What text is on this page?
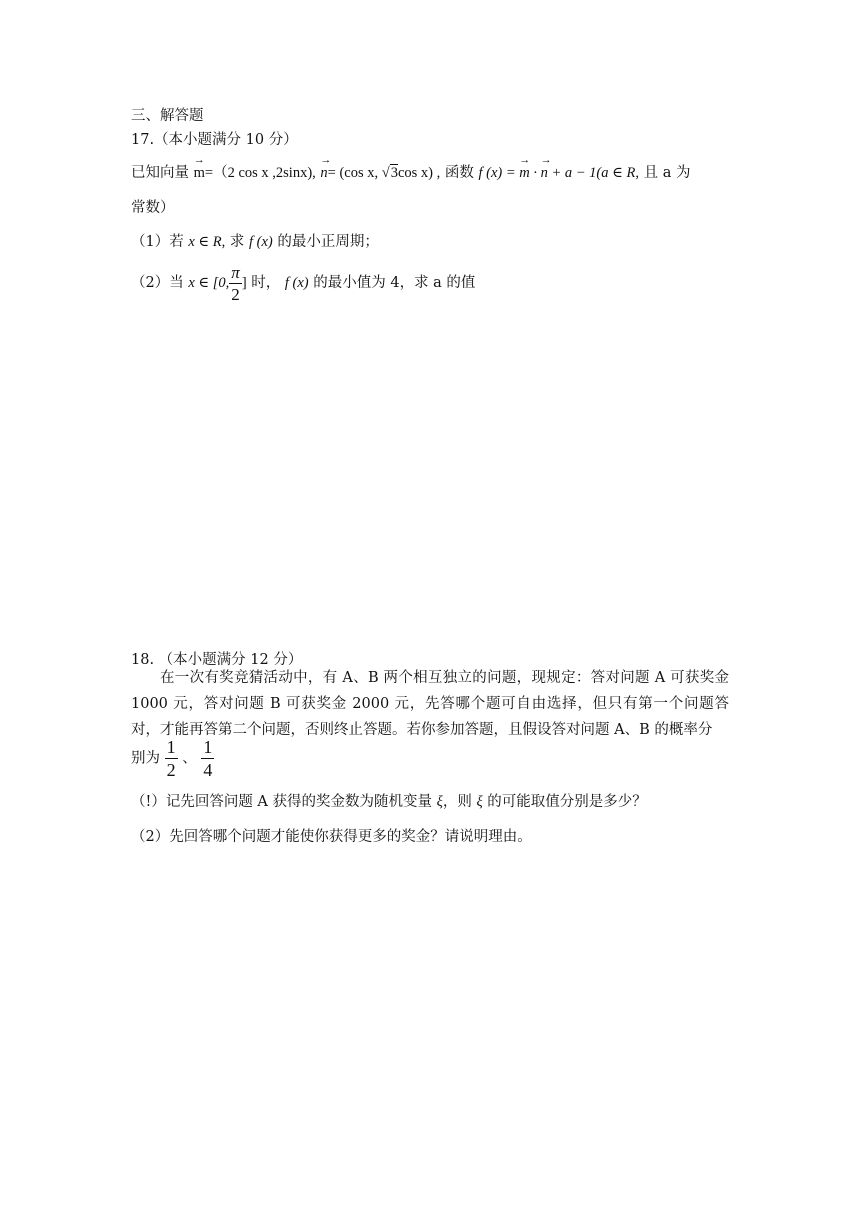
三、解答题
17.（本小题满分 10 分）
已知向量 → m=（2 cos x ,2sinx), → n= (cos x, √3cos x) , 函数 f (x) = → m · → n + a − 1(a ∈ R, 且 a 为
常数）
（1）若 x ∈ R, 求 f (x) 的最小正周期；
（2）当 x ∈ [0, $\frac{\pi}{2}$ ] 时， f (x) 的最小值为 4，求 a 的值
18. （本小题满分 12 分）

在一次有奖竞猜活动中，有 A、B 两个相互独立的问题，现规定：答对问题 A 可获奖金 1000 元，答对问题 B 可获奖金 2000 元，先答哪个题可自由选择，但只有第一个问题答对，才能再答第二个问题，否则终止答题。若你参加答题，且假设答对问题 A、B 的概率分

别为 $\frac{1}{2}$ 、 $\frac{1}{4}$
（!）记先回答问题 A 获得的奖金数为随机变量 ξ，则 ξ 的可能取值分别是多少？
（2）先回答哪个问题才能使你获得更多的奖金？请说明理由。
